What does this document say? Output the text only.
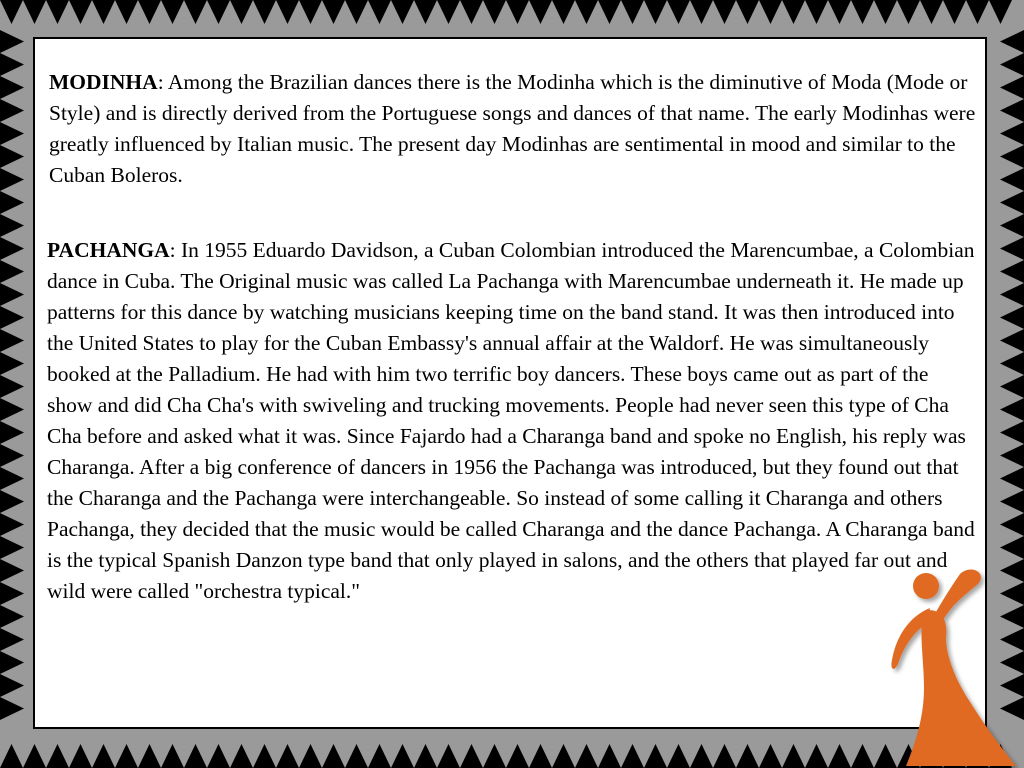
MODINHA: Among the Brazilian dances there is the Modinha which is the diminutive of Moda (Mode or Style) and is directly derived from the Portuguese songs and dances of that name. The early Modinhas were greatly influenced by Italian music. The present day Modinhas are sentimental in mood and similar to the Cuban Boleros.

PACHANGA: In 1955 Eduardo Davidson, a Cuban Colombian introduced the Marencumbae, a Colombian dance in Cuba. The Original music was called La Pachanga with Marencumbae underneath it. He made up patterns for this dance by watching musicians keeping time on the band stand. It was then introduced into the United States to play for the Cuban Embassy's annual affair at the Waldorf. He was simultaneously booked at the Palladium. He had with him two terrific boy dancers. These boys came out as part of the show and did Cha Cha's with swiveling and trucking movements. People had never seen this type of Cha Cha before and asked what it was. Since Fajardo had a Charanga band and spoke no English, his reply was Charanga. After a big conference of dancers in 1956 the Pachanga was introduced, but they found out that the Charanga and the Pachanga were interchangeable. So instead of some calling it Charanga and others Pachanga, they decided that the music would be called Charanga and the dance Pachanga. A Charanga band is the typical Spanish Danzon type band that only played in salons, and the others that played far out and wild were called "orchestra typical."
